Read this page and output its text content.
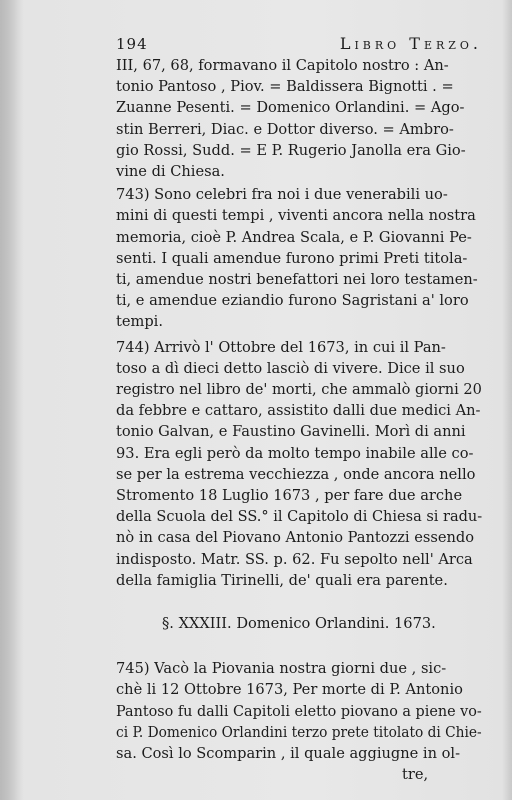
194	Libro Terzo.
III, 67, 68, formavano il Capitolo nostro : An-
tonio Pantoso , Piov. = Baldissera Bignotti . =
Zuanne Pesenti. = Domenico Orlandini. = Ago-
stin Berreri, Diac. e Dottor diverso. = Ambro-
gio Rossi, Sudd. = E P. Rugerio Janolla era Gio-
vine di Chiesa.
743) Sono celebri fra noi i due venerabili uo-
mini di questi tempi , viventi ancora nella nostra
memoria, cioè P. Andrea Scala, e P. Giovanni Pe-
senti. I quali amendue furono primi Preti titola-
ti, amendue nostri benefattori nei loro testamen-
ti, e amendue eziandio furono Sagristani a' loro
tempi.
744) Arrivò l' Ottobre del 1673, in cui il Pan-
toso a dì dieci detto lasciò di vivere. Dice il suo
registro nel libro de' morti, che ammalò giorni 20
da febbre e cattaro, assistito dalli due medici An-
tonio Galvan, e Faustino Gavinelli. Morì di anni
93. Era egli però da molto tempo inabile alle co-
se per la estrema vecchiezza , onde ancora nello
Stromento 18 Luglio 1673 , per fare due arche
della Scuola del SS.° il Capitolo di Chiesa si radu-
nò in casa del Piovano Antonio Pantozzi essendo
indisposto. Matr. SS. p. 62. Fu sepolto nell' Arca
della famiglia Tirinelli, de' quali era parente.
§. XXXIII. Domenico Orlandini. 1673.
745) Vacò la Piovania nostra giorni due , sic-
chè li 12 Ottobre 1673, Per morte di P. Antonio
Pantoso fu dalli Capitoli eletto piovano a piene vo-
ci P. Domenico Orlandini terzo prete titolato di Chie-
sa. Così lo Scomparin , il quale aggiugne in ol-
tre,
